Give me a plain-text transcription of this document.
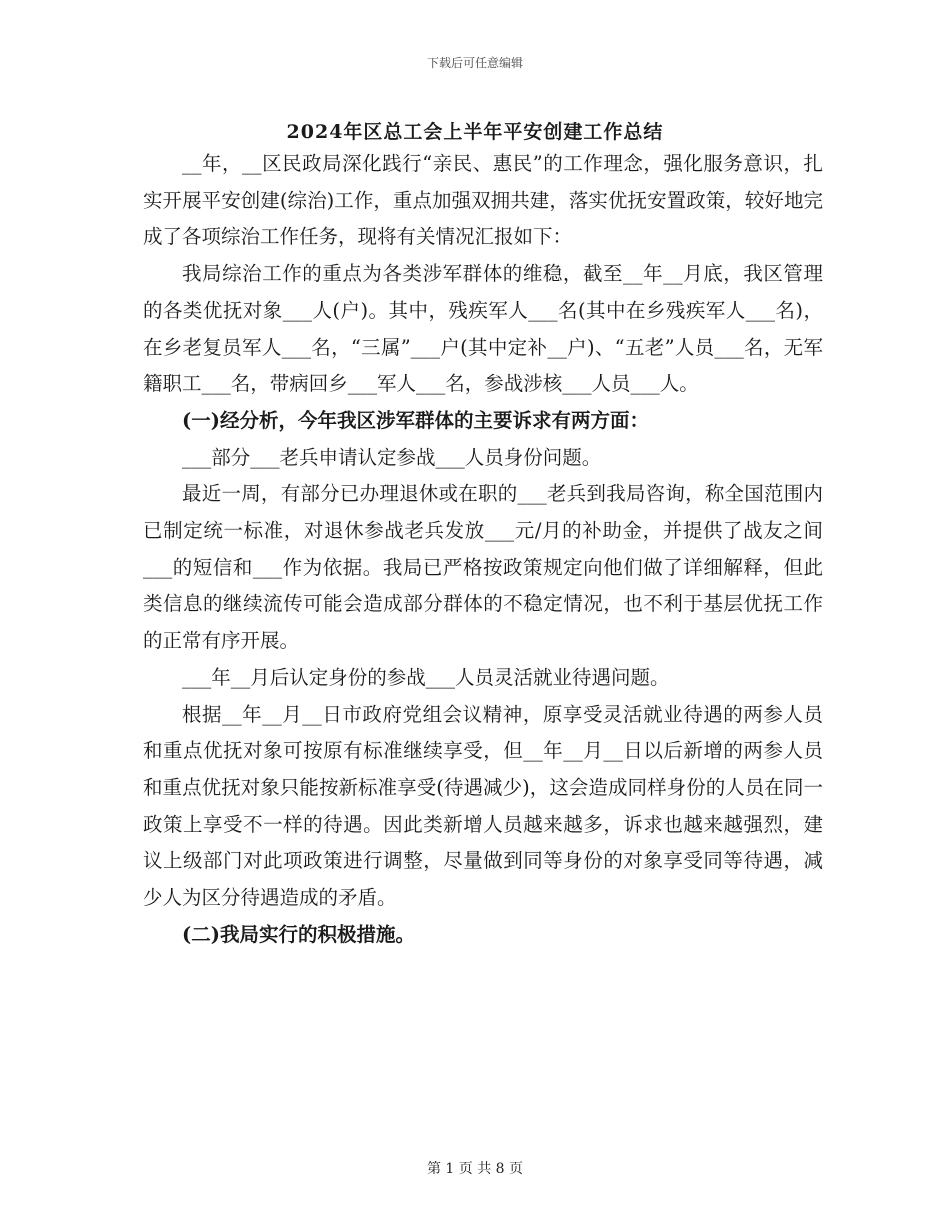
下载后可任意编辑
2024年区总工会上半年平安创建工作总结

__年，__区民政局深化践行“亲民、惠民”的工作理念，强化服务意识，扎实开展平安创建(综治)工作，重点加强双拥共建，落实优抚安置政策，较好地完成了各项综治工作任务，现将有关情况汇报如下：

我局综治工作的重点为各类涉军群体的维稳，截至__年__月底，我区管理的各类优抚对象___人(户)。其中，残疾军人___名(其中在乡残疾军人___名)，在乡老复员军人___名，“三属”___户(其中定补__户)、“五老”人员___名，无军籍职工___名，带病回乡___军人___名，参战涉核___人员___人。

(一)经分析，今年我区涉军群体的主要诉求有两方面：

___部分___老兵申请认定参战___人员身份问题。

最近一周，有部分已办理退休或在职的___老兵到我局咨询，称全国范围内已制定统一标准，对退休参战老兵发放___元/月的补助金，并提供了战友之间___的短信和___作为依据。我局已严格按政策规定向他们做了详细解释，但此类信息的继续流传可能会造成部分群体的不稳定情况，也不利于基层优抚工作的正常有序开展。

___年__月后认定身份的参战___人员灵活就业待遇问题。

根据__年__月__日市政府党组会议精神，原享受灵活就业待遇的两参人员和重点优抚对象可按原有标准继续享受，但__年__月__日以后新增的两参人员和重点优抚对象只能按新标准享受(待遇减少)，这会造成同样身份的人员在同一政策上享受不一样的待遇。因此类新增人员越来越多，诉求也越来越强烈，建议上级部门对此项政策进行调整，尽量做到同等身份的对象享受同等待遇，减少人为区分待遇造成的矛盾。

(二)我局实行的积极措施。

第 1 页 共 8 页
